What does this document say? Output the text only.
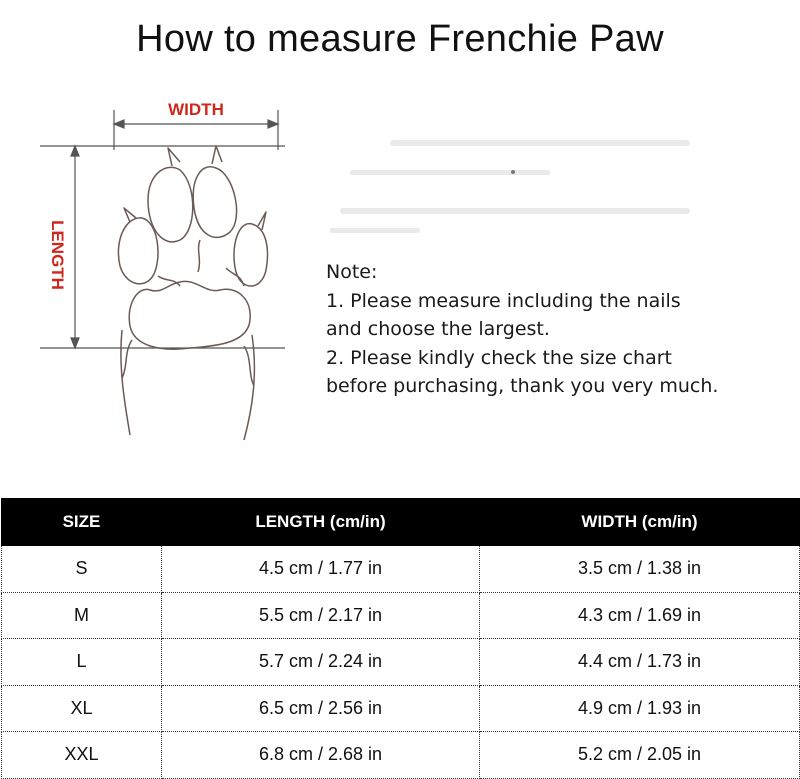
How to measure Frenchie Paw
WIDTH
LENGTH	Note:
1. Please measure including the nails
and choose the largest.
2. Please kindly check the size chart
before purchasing, thank you very much.
SIZE	LENGTH (cm/in)	WIDTH (cm/in)
S	4.5 cm / 1.77 in	3.5 cm / 1.38 in
M	5.5 cm / 2.17 in	4.3 cm / 1.69 in
L	5.7 cm / 2.24 in	4.4 cm / 1.73 in
XL	6.5 cm / 2.56 in	4.9 cm / 1.93 in
XXL	6.8 cm / 2.68 in	5.2 cm / 2.05 in
